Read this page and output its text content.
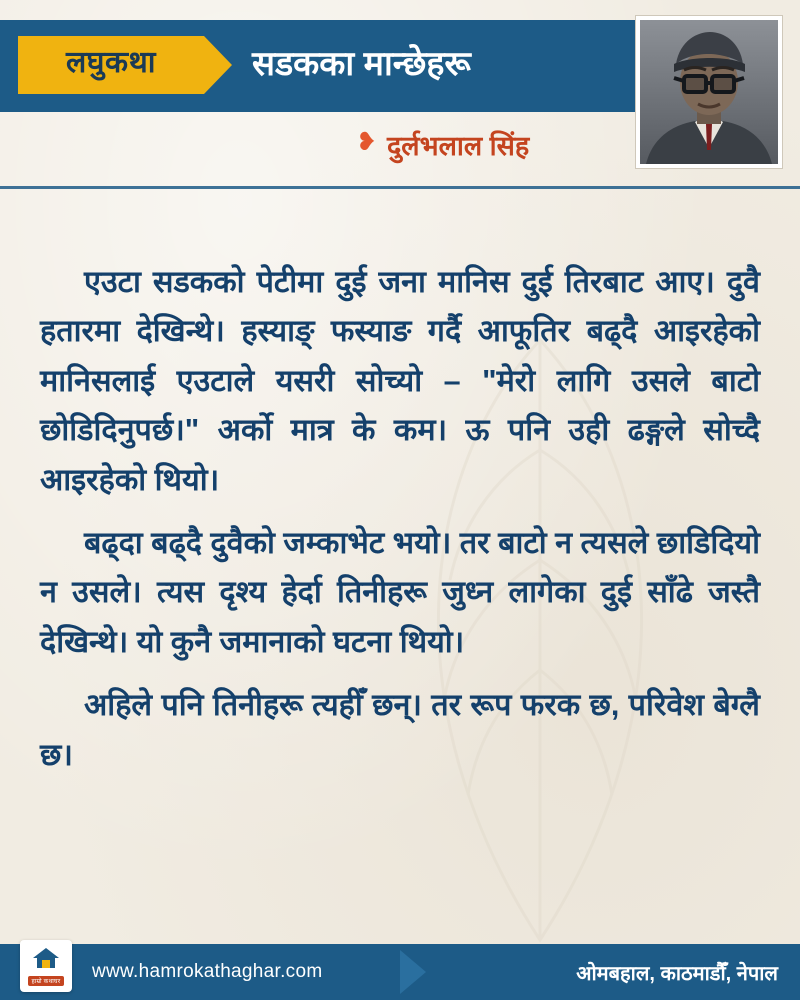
लघुकथा	सडकका मान्छेहरू
❥ दुर्लभलाल सिंह

एउटा सडकको पेटीमा दुई जना मानिस दुई तिरबाट आए। दुवै हतारमा देखिन्थे। हस्याङ् फस्याङ गर्दै आफूतिर बढ्दै आइरहेको मानिसलाई एउटाले यसरी सोच्यो – "मेरो लागि उसले बाटो छोडिदिनुपर्छ।" अर्को मात्र के कम। ऊ पनि उही ढङ्गले सोच्दै आइरहेको थियो।

बढ्दा बढ्दै दुवैको जम्काभेट भयो। तर बाटो न त्यसले छाडिदियो न उसले। त्यस दृश्य हेर्दा तिनीहरू जुध्न लागेका दुई साँढे जस्तै देखिन्थे। यो कुनै जमानाको घटना थियो।

अहिले पनि तिनीहरू त्यहीँ छन्। तर रूप फरक छ, परिवेश बेग्लै छ।

www.hamrokathaghar.com	ओमबहाल, काठमाडौँ, नेपाल
हाम्रो कथाघर
